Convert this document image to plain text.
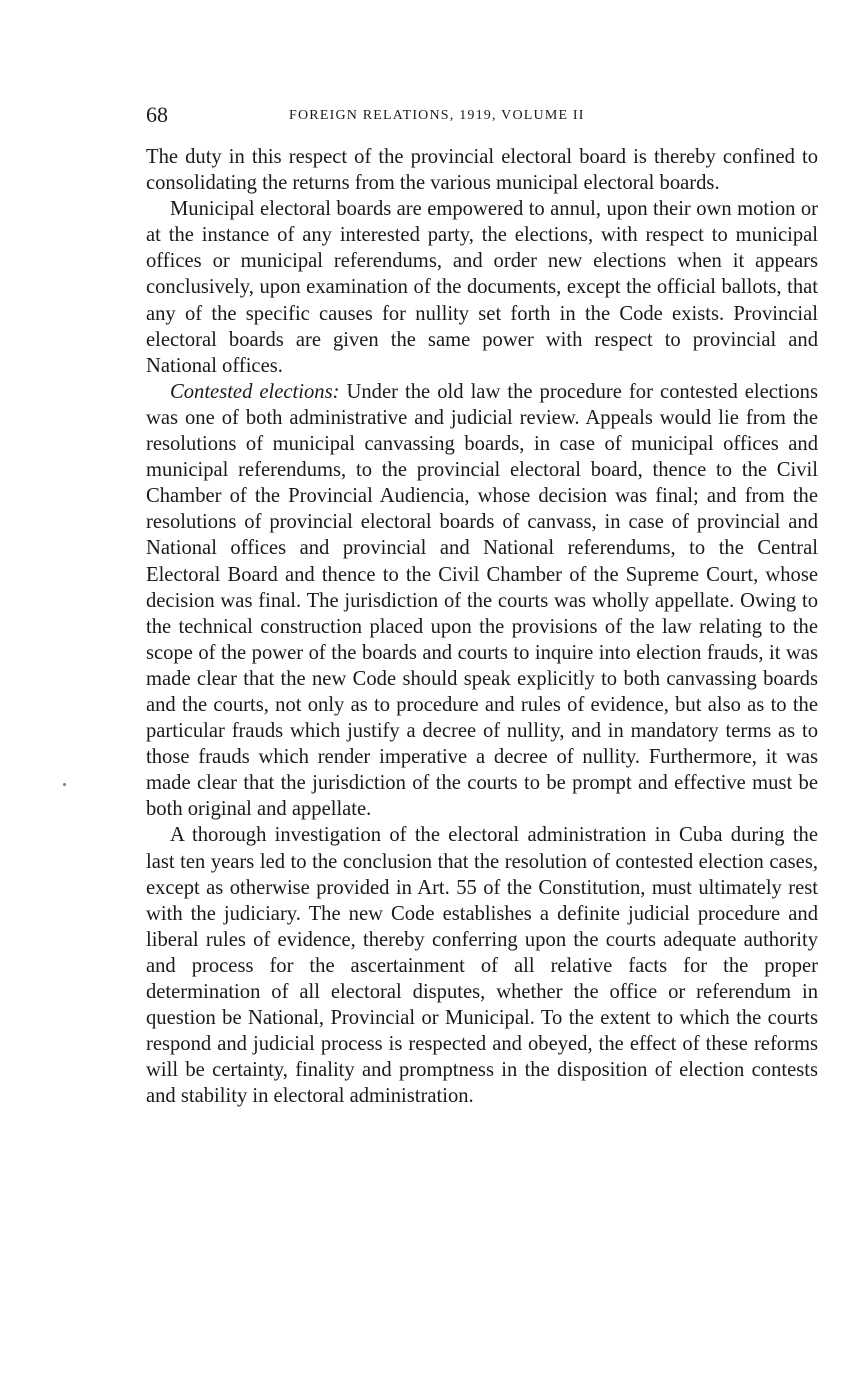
68	FOREIGN RELATIONS, 1919, VOLUME II

The duty in this respect of the provincial electoral board is thereby confined to consolidating the returns from the various municipal electoral boards.

Municipal electoral boards are empowered to annul, upon their own motion or at the instance of any interested party, the elections, with respect to municipal offices or municipal referendums, and order new elections when it appears conclusively, upon examination of the documents, except the official ballots, that any of the specific causes for nullity set forth in the Code exists. Provincial electoral boards are given the same power with respect to provincial and National offices.

Contested elections: Under the old law the procedure for contested elections was one of both administrative and judicial review. Appeals would lie from the resolutions of municipal canvassing boards, in case of municipal offices and municipal referendums, to the provincial electoral board, thence to the Civil Chamber of the Provincial Audiencia, whose decision was final; and from the resolutions of provincial electoral boards of canvass, in case of provincial and National offices and provincial and National referendums, to the Central Electoral Board and thence to the Civil Chamber of the Supreme Court, whose decision was final. The jurisdiction of the courts was wholly appellate. Owing to the technical construction placed upon the provisions of the law relating to the scope of the power of the boards and courts to inquire into election frauds, it was made clear that the new Code should speak explicitly to both canvassing boards and the courts, not only as to procedure and rules of evidence, but also as to the particular frauds which justify a decree of nullity, and in mandatory terms as to those frauds which render imperative a decree of nullity. Furthermore, it was made clear that the jurisdiction of the courts to be prompt and effective must be both original and appellate.

A thorough investigation of the electoral administration in Cuba during the last ten years led to the conclusion that the resolution of contested election cases, except as otherwise provided in Art. 55 of the Constitution, must ultimately rest with the judiciary. The new Code establishes a definite judicial procedure and liberal rules of evidence, thereby conferring upon the courts adequate authority and process for the ascertainment of all relative facts for the proper determination of all electoral disputes, whether the office or referendum in question be National, Provincial or Municipal. To the extent to which the courts respond and judicial process is respected and obeyed, the effect of these reforms will be certainty, finality and promptness in the disposition of election contests and stability in electoral administration.
